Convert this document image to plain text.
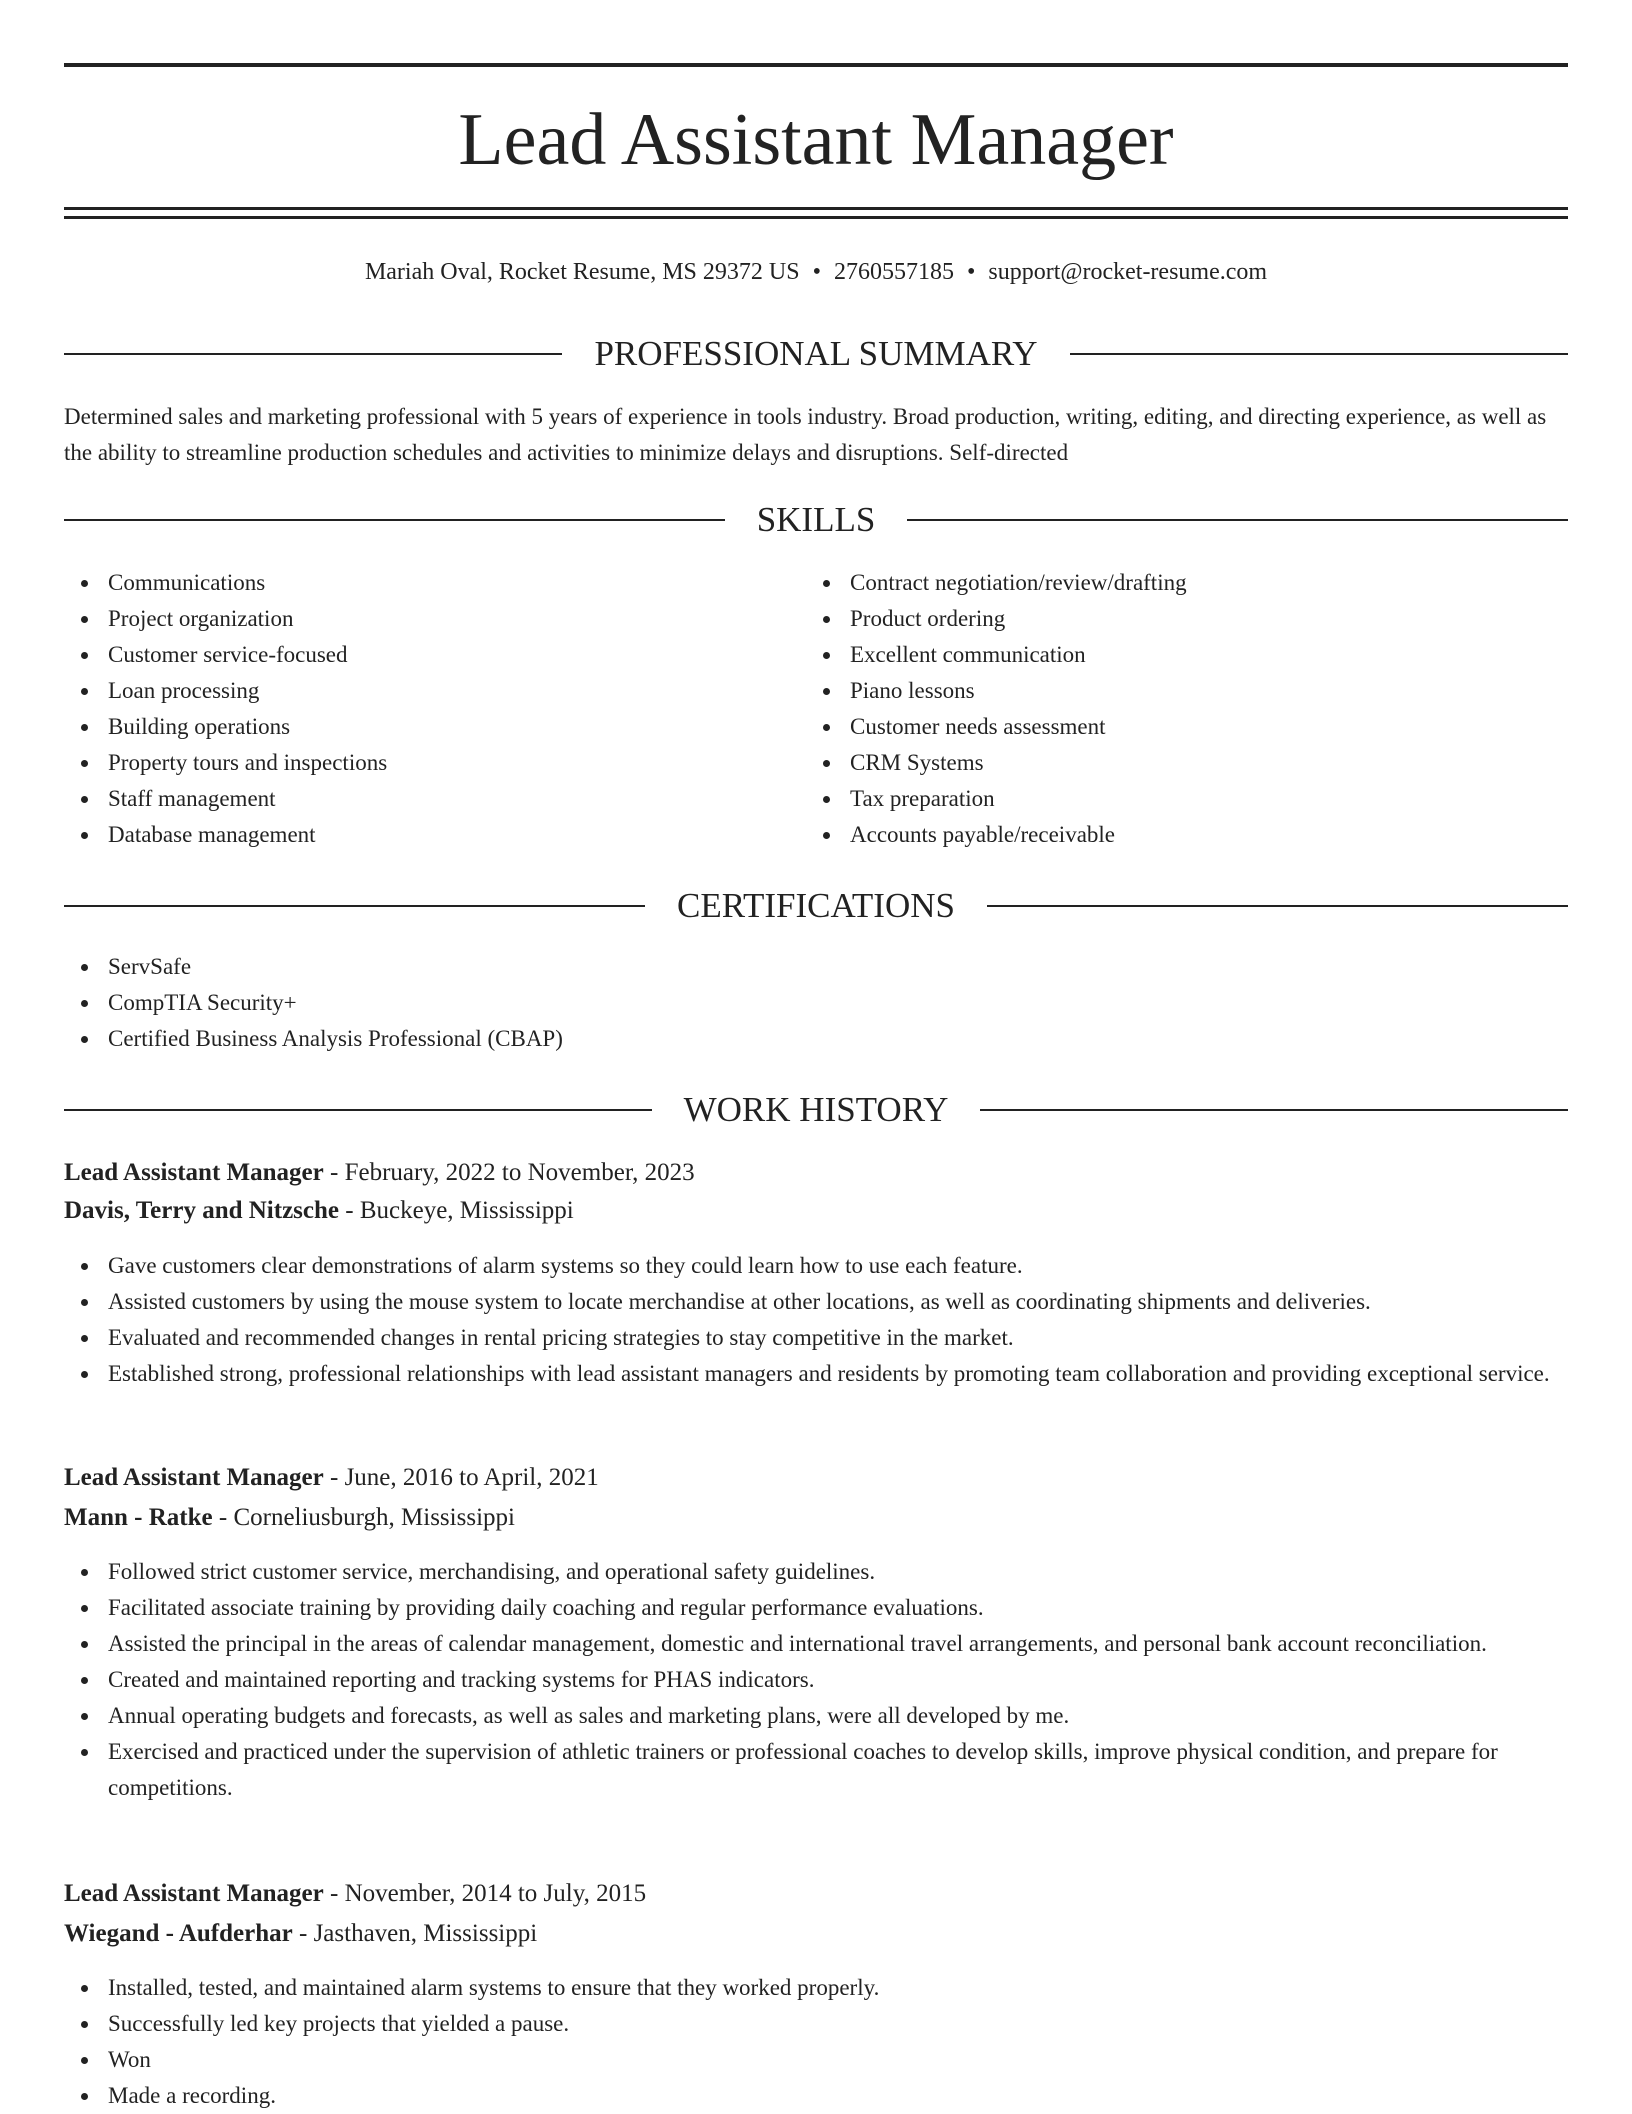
Lead Assistant Manager
Mariah Oval, Rocket Resume, MS 29372 US • 2760557185 • support@rocket-resume.com
PROFESSIONAL SUMMARY
Determined sales and marketing professional with 5 years of experience in tools industry. Broad production, writing, editing, and directing experience, as well as the ability to streamline production schedules and activities to minimize delays and disruptions. Self-directed
SKILLS
Communications
Project organization
Customer service-focused
Loan processing
Building operations
Property tours and inspections
Staff management
Database management
Contract negotiation/review/drafting
Product ordering
Excellent communication
Piano lessons
Customer needs assessment
CRM Systems
Tax preparation
Accounts payable/receivable
CERTIFICATIONS
ServSafe
CompTIA Security+
Certified Business Analysis Professional (CBAP)
WORK HISTORY
Lead Assistant Manager - February, 2022 to November, 2023
Davis, Terry and Nitzsche - Buckeye, Mississippi
Gave customers clear demonstrations of alarm systems so they could learn how to use each feature.
Assisted customers by using the mouse system to locate merchandise at other locations, as well as coordinating shipments and deliveries.
Evaluated and recommended changes in rental pricing strategies to stay competitive in the market.
Established strong, professional relationships with lead assistant managers and residents by promoting team collaboration and providing exceptional service.
Lead Assistant Manager - June, 2016 to April, 2021
Mann - Ratke - Corneliusburgh, Mississippi
Followed strict customer service, merchandising, and operational safety guidelines.
Facilitated associate training by providing daily coaching and regular performance evaluations.
Assisted the principal in the areas of calendar management, domestic and international travel arrangements, and personal bank account reconciliation.
Created and maintained reporting and tracking systems for PHAS indicators.
Annual operating budgets and forecasts, as well as sales and marketing plans, were all developed by me.
Exercised and practiced under the supervision of athletic trainers or professional coaches to develop skills, improve physical condition, and prepare for competitions.
Lead Assistant Manager - November, 2014 to July, 2015
Wiegand - Aufderhar - Jasthaven, Mississippi
Installed, tested, and maintained alarm systems to ensure that they worked properly.
Successfully led key projects that yielded a pause.
Won
Made a recording.
